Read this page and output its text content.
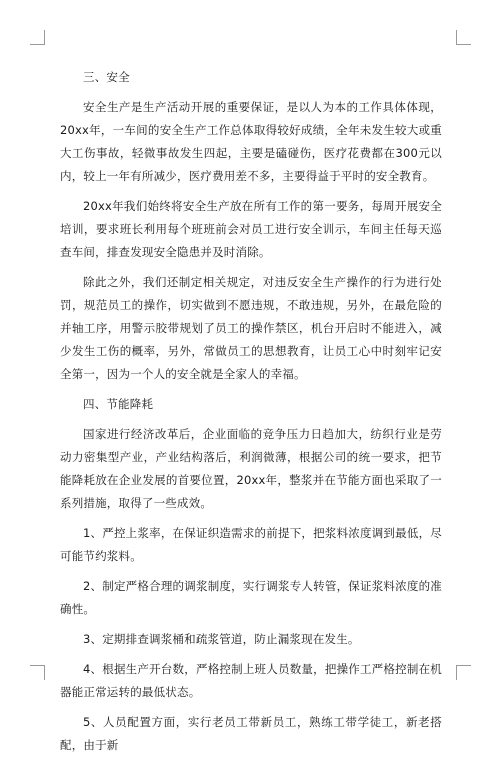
三、安全

安全生产是生产活动开展的重要保证，是以人为本的工作具体体现，20xx年，一车间的安全生产工作总体取得较好成绩，全年未发生较大或重大工伤事故，轻微事故发生四起，主要是磕碰伤，医疗花费都在300元以内，较上一年有所减少，医疗费用差不多，主要得益于平时的安全教育。

20xx年我们始终将安全生产放在所有工作的第一要务，每周开展安全培训，要求班长利用每个班班前会对员工进行安全训示，车间主任每天巡查车间，排查发现安全隐患并及时消除。

除此之外，我们还制定相关规定，对违反安全生产操作的行为进行处罚，规范员工的操作，切实做到不愿违规，不敢违规，另外，在最危险的并轴工序，用警示胶带规划了员工的操作禁区，机台开启时不能进入，减少发生工伤的概率，另外，常做员工的思想教育，让员工心中时刻牢记安全第一，因为一个人的安全就是全家人的幸福。

四、节能降耗

国家进行经济改革后，企业面临的竞争压力日趋加大，纺织行业是劳动力密集型产业，产业结构落后，利润微薄，根据公司的统一要求，把节能降耗放在企业发展的首要位置，20xx年，整浆并在节能方面也采取了一系列措施，取得了一些成效。

1、严控上浆率，在保证织造需求的前提下，把浆料浓度调到最低，尽可能节约浆料。

2、制定严格合理的调浆制度，实行调浆专人转管，保证浆料浓度的准确性。

3、定期排查调浆桶和疏浆管道，防止漏浆现在发生。

4、根据生产开台数，严格控制上班人员数量，把操作工严格控制在机器能正常运转的最低状态。

5、人员配置方面，实行老员工带新员工，熟练工带学徒工，新老搭配，由于新
